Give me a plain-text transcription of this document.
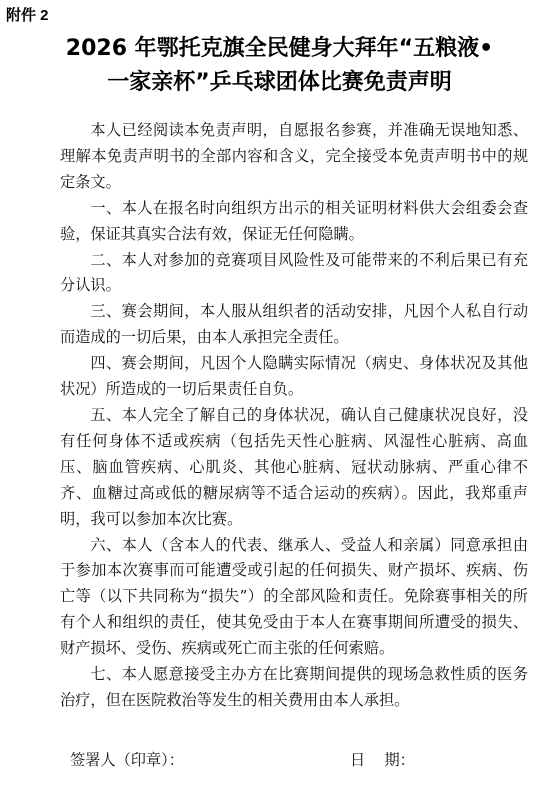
附件 2
2026 年鄂托克旗全民健身大拜年“五粮液•
一家亲杯”乒乓球团体比赛免责声明

本人已经阅读本免责声明，自愿报名参赛，并准确无误地知悉、理解本免责声明书的全部内容和含义，完全接受本免责声明书中的规定条文。

一、本人在报名时向组织方出示的相关证明材料供大会组委会查验，保证其真实合法有效，保证无任何隐瞒。

二、本人对参加的竞赛项目风险性及可能带来的不利后果已有充分认识。

三、赛会期间，本人服从组织者的活动安排，凡因个人私自行动而造成的一切后果，由本人承担完全责任。

四、赛会期间，凡因个人隐瞒实际情况（病史、身体状况及其他状况）所造成的一切后果责任自负。

五、本人完全了解自己的身体状况，确认自己健康状况良好，没有任何身体不适或疾病（包括先天性心脏病、风湿性心脏病、高血压、脑血管疾病、心肌炎、其他心脏病、冠状动脉病、严重心律不齐、血糖过高或低的糖尿病等不适合运动的疾病）。因此，我郑重声明，我可以参加本次比赛。

六、本人（含本人的代表、继承人、受益人和亲属）同意承担由于参加本次赛事而可能遭受或引起的任何损失、财产损坏、疾病、伤亡等（以下共同称为“损失”）的全部风险和责任。免除赛事相关的所有个人和组织的责任，使其免受由于本人在赛事期间所遭受的损失、财产损坏、受伤、疾病或死亡而主张的任何索赔。

七、本人愿意接受主办方在比赛期间提供的现场急救性质的医务治疗，但在医院救治等发生的相关费用由本人承担。

签署人（印章）：	日    期：
